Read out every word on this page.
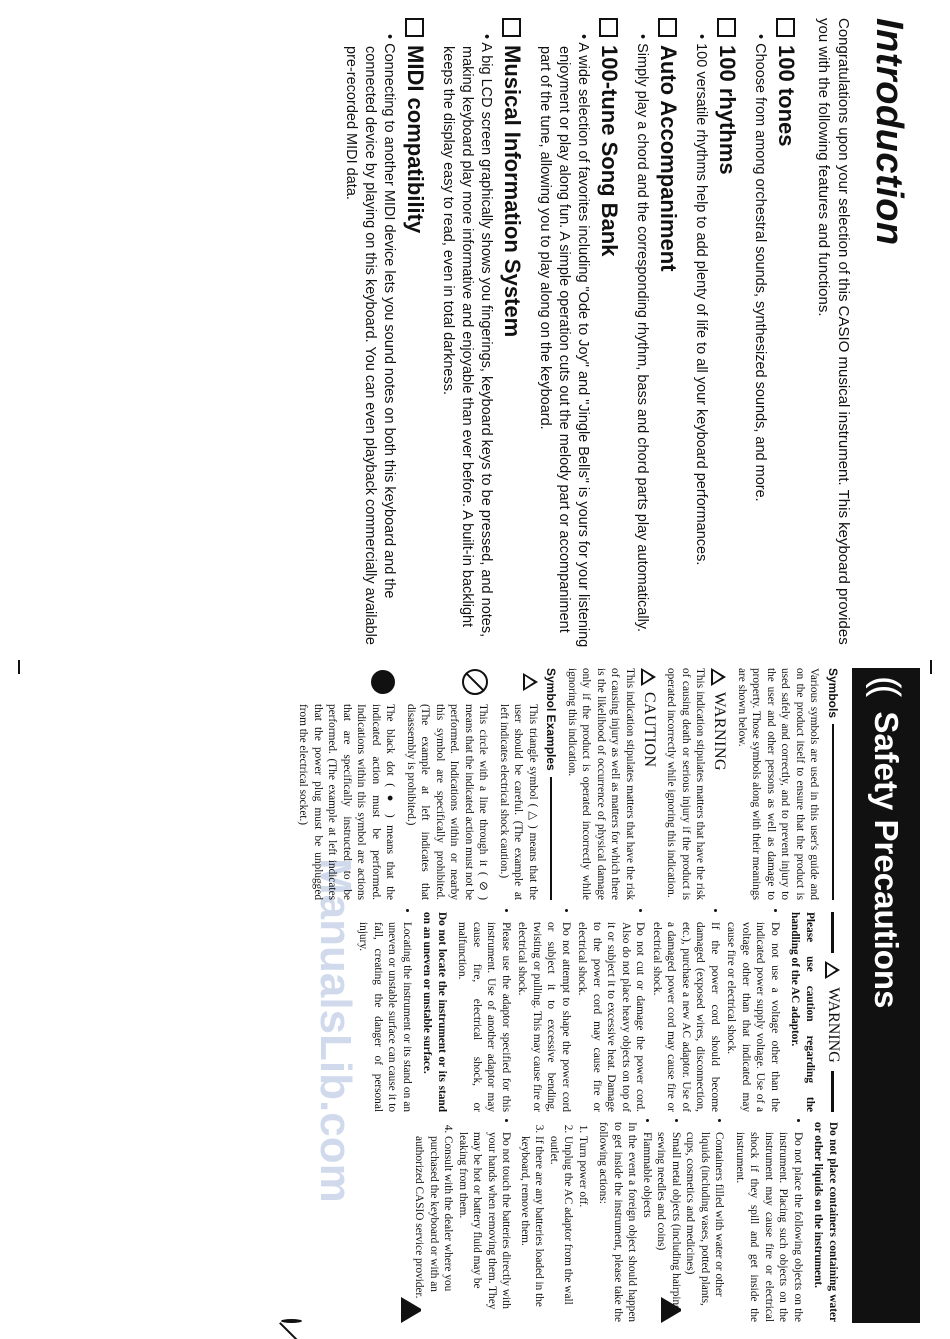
Introduction

Congratulations upon your selection of this CASIO musical instrument. This keyboard provides you with the following features and functions.

100 tones
• Choose from among orchestral sounds, synthesized sounds, and more.
100 rhythms
• 100 versatile rhythms help to add plenty of life to all your keyboard performances.
Auto Accompaniment
• Simply play a chord and the corresponding rhythm, bass and chord parts play automatically.
100-tune Song Bank
• A wide selection of favorites including "Ode to Joy" and "Jingle Bells" is yours for your listening enjoyment or play along fun. A simple operation cuts out the melody part or accompaniment part of the tune, allowing you to play along on the keyboard.
Musical Information System
• A big LCD screen graphically shows you fingerings, keyboard keys to be pressed, and notes, making keyboard play more informative and enjoyable than ever before. A built-in backlight keeps the display easy to read, even in total darkness.
MIDI compatibility
• Connecting to another MIDI device lets you sound notes on both this keyboard and the connected device by playing on this keyboard. You can even playback commercially available pre-recorded MIDI data.
((
Safety Precautions
ManualsLib.com
Symbols

Various symbols are used in this user's guide and on the product itself to ensure that the product is used safely and correctly, and to prevent injury to the user and other persons as well as damage to property. Those symbols along with their meanings are shown below.

WARNING

This indication stipulates matters that have the risk of causing death or serious injury if the product is operated incorrectly while ignoring this indication.

CAUTION

This indication stipulates matters that have the risk of causing injury as well as matters for which there is the likelihood of occurrence of physical damage only if the product is operated incorrectly while ignoring this indication.

Symbol Examples
This triangle symbol ( △ ) means that the user should be careful. (The example at left indicates electrical shock caution.)
This circle with a line through it ( ⊘ ) means that the indicated action must not be performed. Indications within or nearby this symbol are specifically prohibited. (The example at left indicates that disassembly is prohibited.)
The black dot ( ● ) means that the indicated action must be performed. Indications within this symbol are actions that are specifically instructed to be performed. (The example at left indicates that the power plug must be unplugged from the electrical socket.)
WARNING

Please use caution regarding the handling of the AC adaptor.

• Do not use a voltage other than the indicated power supply voltage. Use of a voltage other than that indicated may cause fire or electrical shock.
• If the power cord should become damaged (exposed wires, disconnection, etc.), purchase a new AC adaptor. Use of a damaged power cord may cause fire or electrical shock.
• Do not cut or damage the power cord. Also do not place heavy objects on top of it or subject it to excessive heat. Damage to the power cord may cause fire or electrical shock.
• Do not attempt to shape the power cord or subject it to excessive bending, twisting or pulling. This may cause fire or electrical shock.
• Please use the adaptor specified for this instrument. Use of another adaptor may cause fire, electrical shock, or malfunction.

Do not locate the instrument or its stand on an uneven or unstable surface.

• Locating the instrument or its stand on an uneven or unstable surface can cause it to fall, creating the danger of personal injury.

Do not place containers containing water or other liquids on the instrument.

• Do not place the following objects on the instrument. Placing such objects on the instrument may cause fire or electrical shock if they spill and get inside the instrument.
• Containers filled with water or other liquids (including vases, potted plants, cups, cosmetics and medicines)
• Small metal objects (including hairpins, sewing needles and coins)
• Flammable objects

In the event a foreign object should happen to get inside the instrument, please take the following actions:

1. Turn power off.
2. Unplug the AC adaptor from the wall outlet.
3. If there are any batteries loaded in the keyboard, remove them.
• Do not touch the batteries directly with your hands when removing them. They may be hot or battery fluid may be leaking from them.
4. Consult with the dealer where you purchased the keyboard or with an authorized CASIO service provider.
